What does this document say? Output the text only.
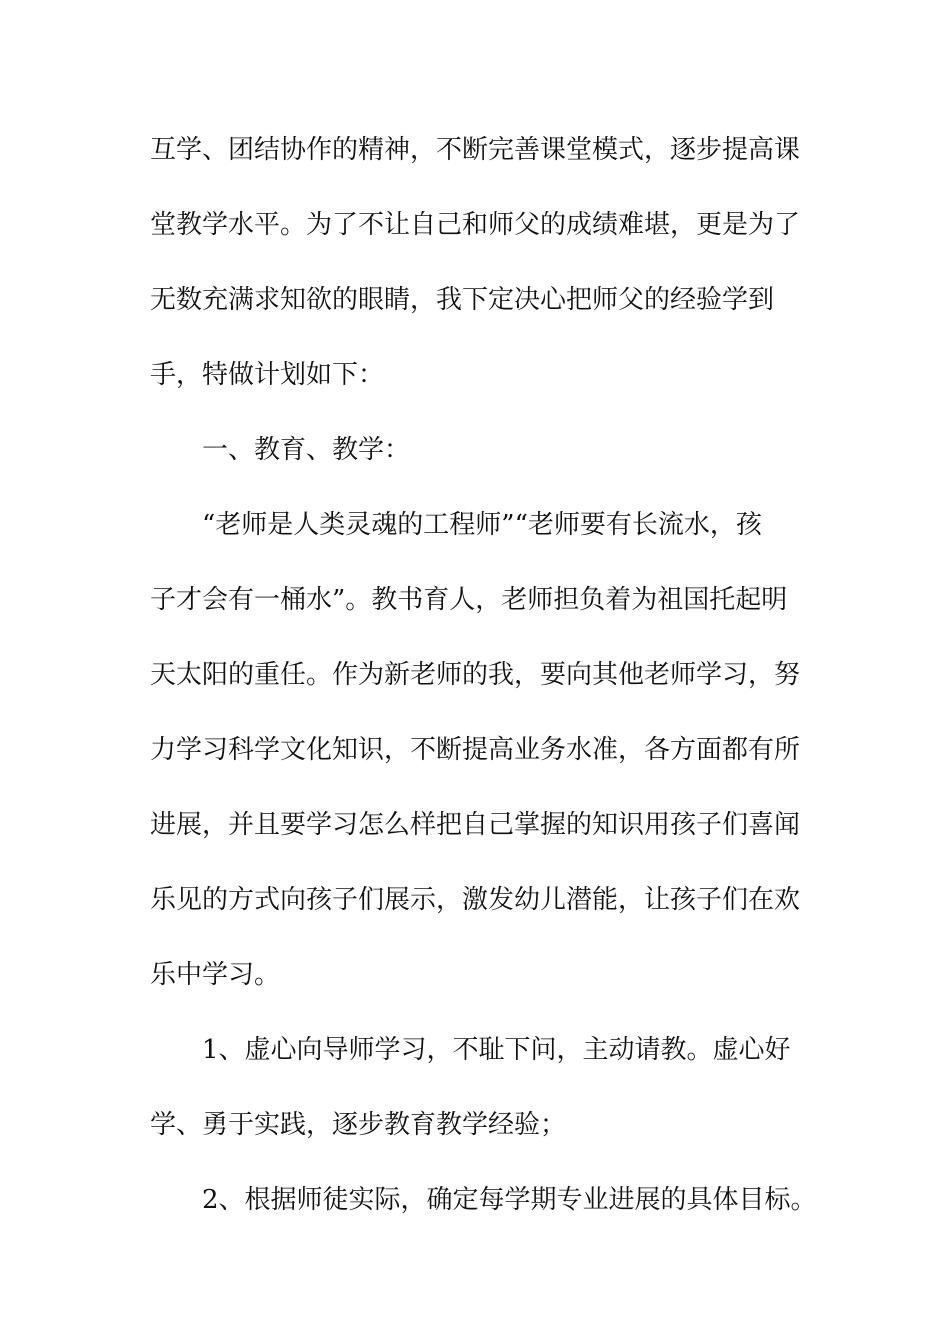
互学、团结协作的精神，不断完善课堂模式，逐步提高课
堂教学水平。为了不让自己和师父的成绩难堪，更是为了
无数充满求知欲的眼睛，我下定决心把师父的经验学到
手，特做计划如下：
一、教育、教学：
“老师是人类灵魂的工程师”“老师要有长流水，孩
子才会有一桶水”。教书育人，老师担负着为祖国托起明
天太阳的重任。作为新老师的我，要向其他老师学习，努
力学习科学文化知识，不断提高业务水准，各方面都有所
进展，并且要学习怎么样把自己掌握的知识用孩子们喜闻
乐见的方式向孩子们展示，激发幼儿潜能，让孩子们在欢
乐中学习。
1、虚心向导师学习，不耻下问，主动请教。虚心好
学、勇于实践，逐步教育教学经验；
2、根据师徒实际，确定每学期专业进展的具体目标。
